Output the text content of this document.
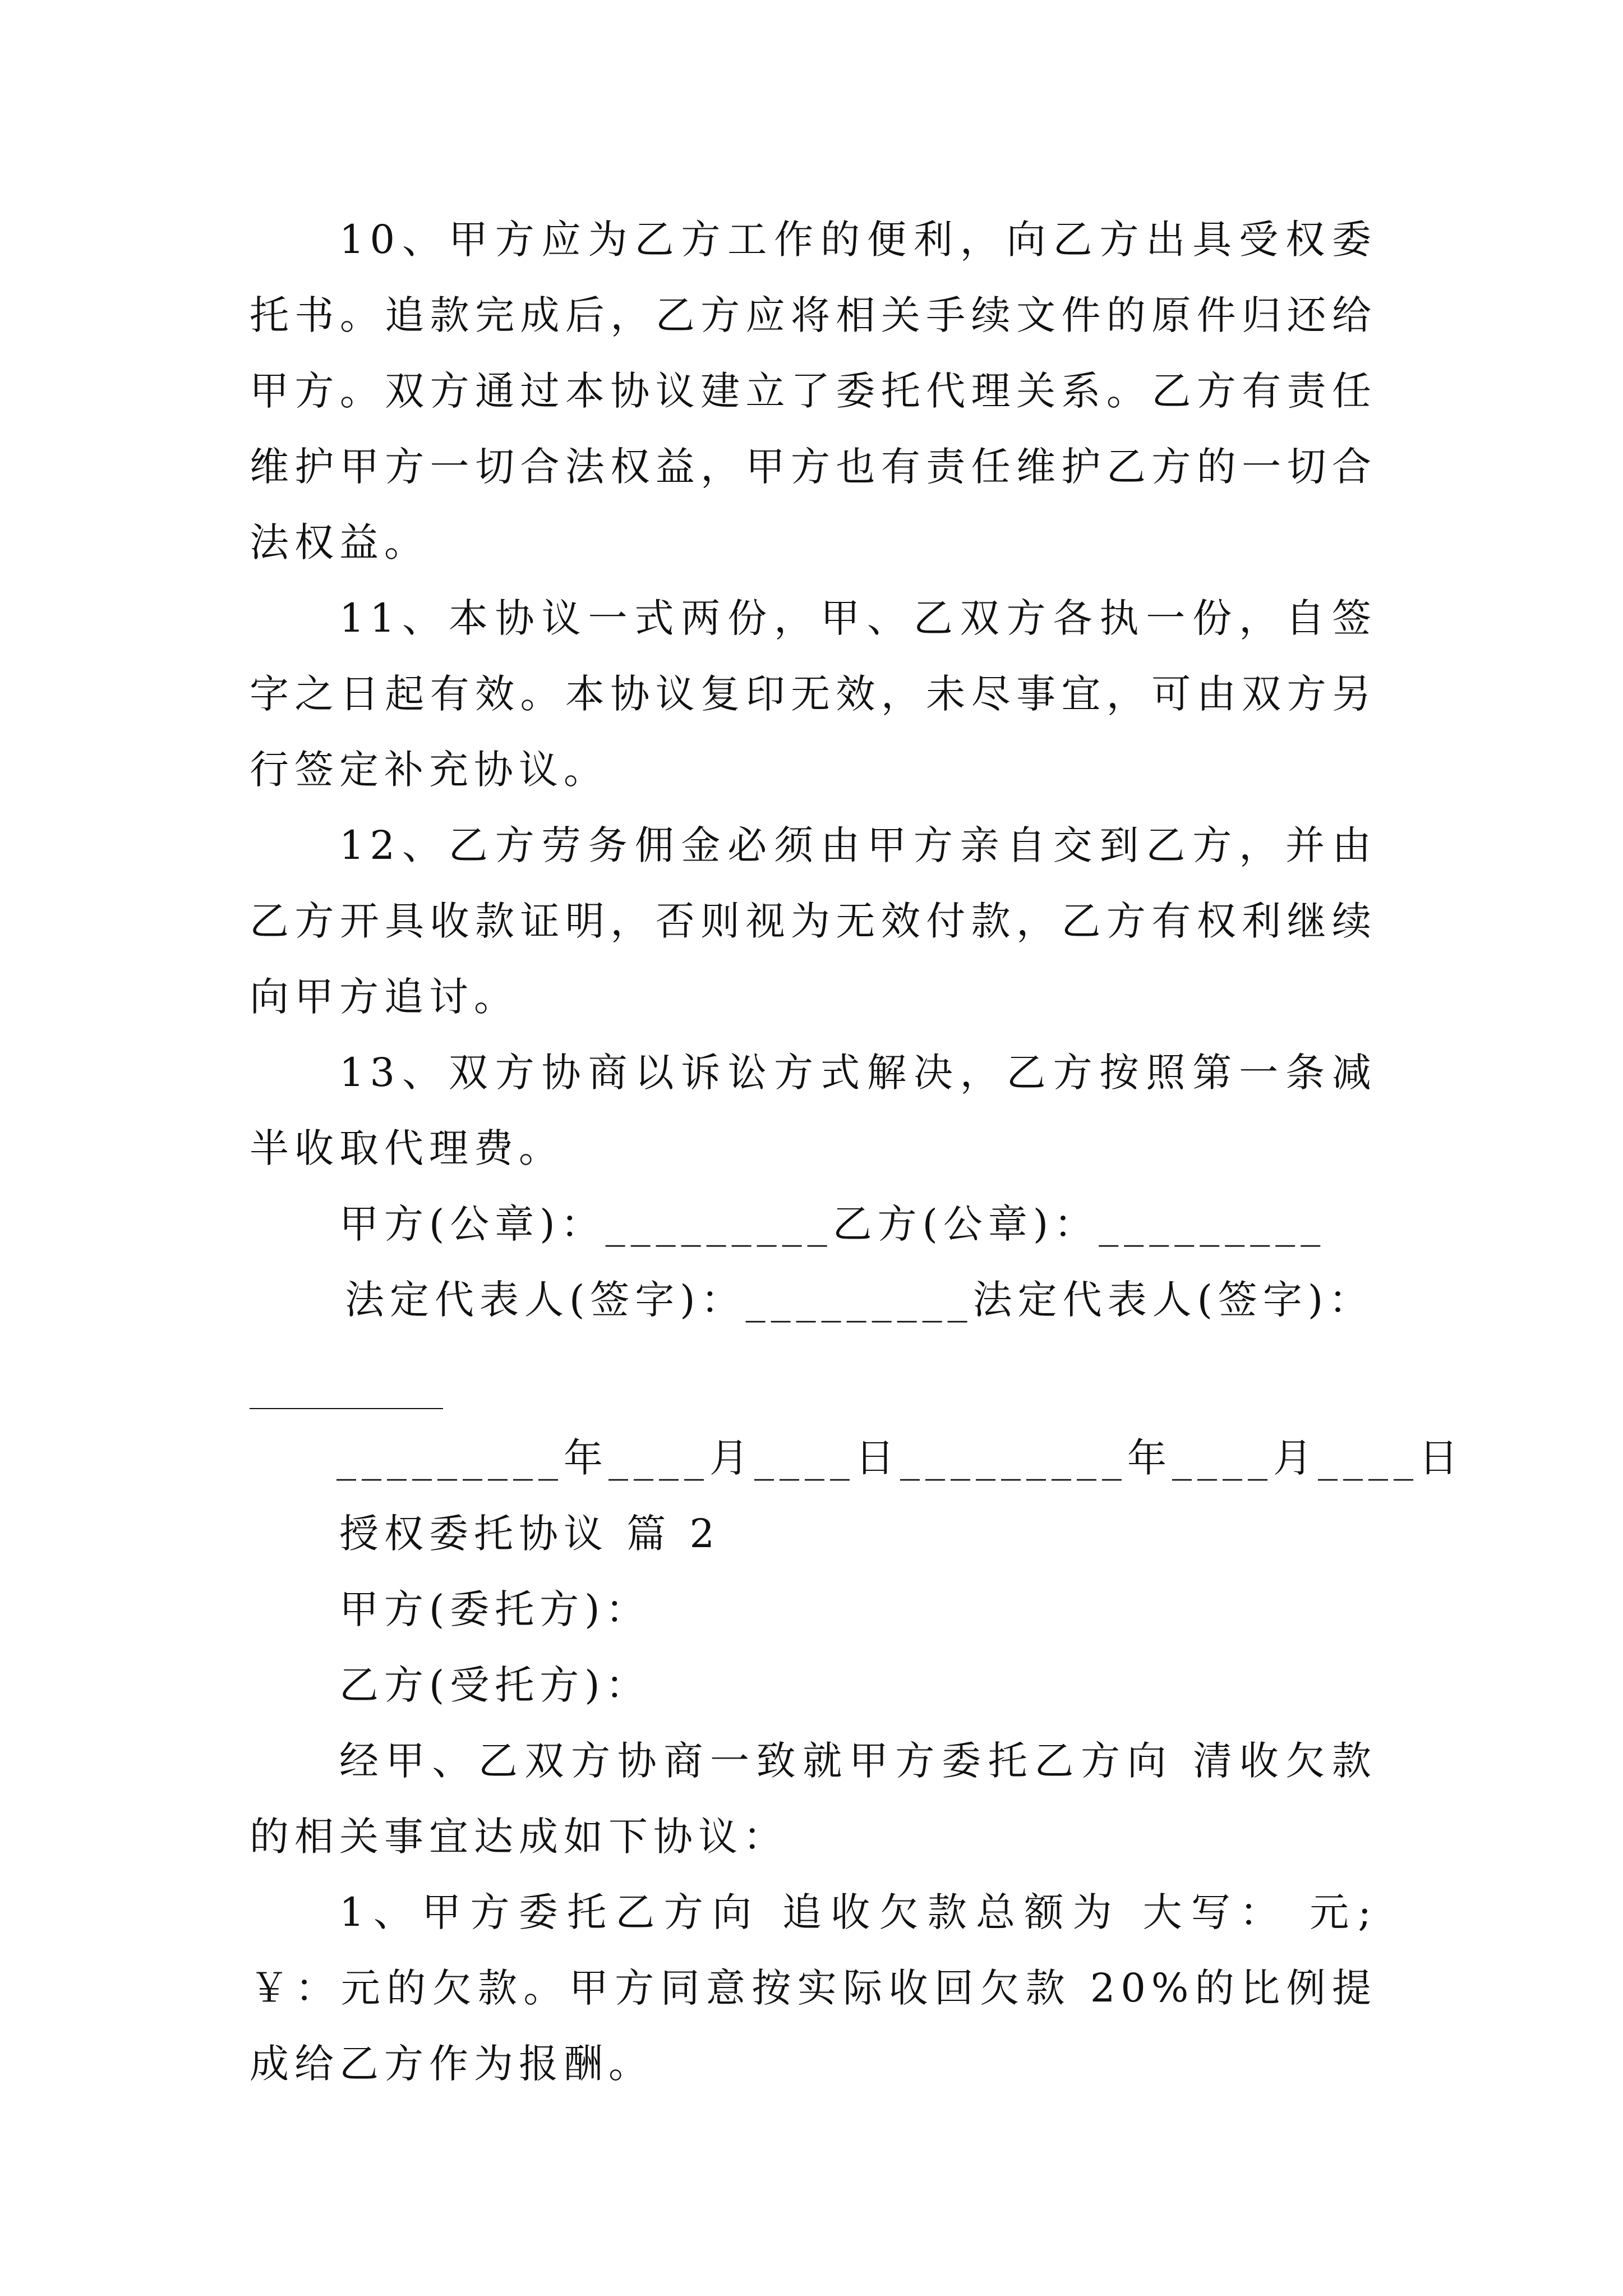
10、甲方应为乙方工作的便利，向乙方出具受权委托书。追款完成后，乙方应将相关手续文件的原件归还给甲方。双方通过本协议建立了委托代理关系。乙方有责任维护甲方一切合法权益，甲方也有责任维护乙方的一切合法权益。

11、本协议一式两份，甲、乙双方各执一份，自签字之日起有效。本协议复印无效，未尽事宜，可由双方另行签定补充协议。

12、乙方劳务佣金必须由甲方亲自交到乙方，并由乙方开具收款证明，否则视为无效付款，乙方有权利继续向甲方追讨。

13、双方协商以诉讼方式解决，乙方按照第一条减半收取代理费。

甲方(公章)：_________乙方(公章)：_________

法定代表人(签字)：_________法定代表人(签字)：

_________年____月____日_________年____月____日

授权委托协议 篇 2

甲方(委托方)：

乙方(受托方)：

经甲、乙双方协商一致就甲方委托乙方向 清收欠款的相关事宜达成如下协议：

1、甲方委托乙方向 追收欠款总额为 大写： 元;￥：元的欠款。甲方同意按实际收回欠款 20%的比例提成给乙方作为报酬。
